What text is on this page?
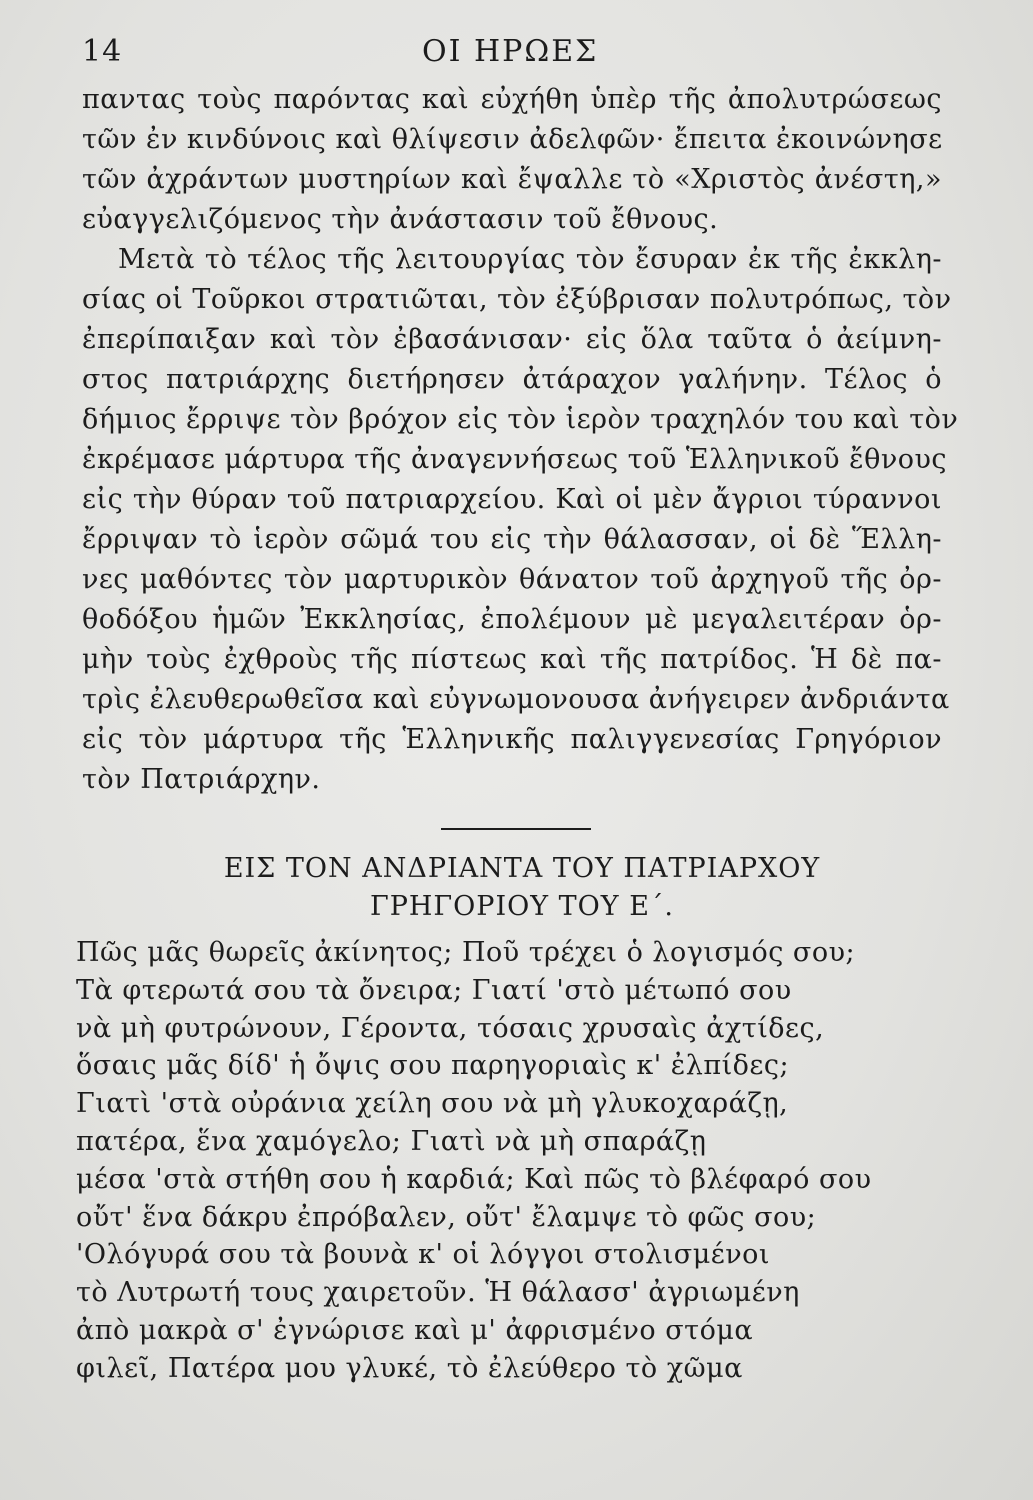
14	ΟΙ ΗΡΩΕΣ
παντας τοὺς παρόντας καὶ εὐχήθη ὑπὲρ τῆς ἀπολυτρώσεως
τῶν ἐν κινδύνοις καὶ θλίψεσιν ἀδελφῶν· ἔπειτα ἐκοινώνησε
τῶν ἀχράντων μυστηρίων καὶ ἔψαλλε τὸ «Χριστὸς ἀνέστη,»
εὐαγγελιζόμενος τὴν ἀνάστασιν τοῦ ἔθνους.
Μετὰ τὸ τέλος τῆς λειτουργίας τὸν ἔσυραν ἐκ τῆς ἐκκλη-
σίας οἱ Τοῦρκοι στρατιῶται, τὸν ἐξύβρισαν πολυτρόπως, τὸν
ἐπερίπαιξαν καὶ τὸν ἐβασάνισαν· εἰς ὅλα ταῦτα ὁ ἀείμνη-
στος πατριάρχης διετήρησεν ἀτάραχον γαλήνην. Τέλος ὁ
δήμιος ἔρριψε τὸν βρόχον εἰς τὸν ἱερὸν τραχηλόν του καὶ τὸν
ἐκρέμασε μάρτυρα τῆς ἀναγεννήσεως τοῦ Ἑλληνικοῦ ἔθνους
εἰς τὴν θύραν τοῦ πατριαρχείου. Καὶ οἱ μὲν ἄγριοι τύραννοι
ἔρριψαν τὸ ἱερὸν σῶμά του εἰς τὴν θάλασσαν, οἱ δὲ Ἕλλη-
νες μαθόντες τὸν μαρτυρικὸν θάνατον τοῦ ἀρχηγοῦ τῆς ὀρ-
θοδόξου ἡμῶν Ἐκκλησίας, ἐπολέμουν μὲ μεγαλειτέραν ὁρ-
μὴν τοὺς ἐχθροὺς τῆς πίστεως καὶ τῆς πατρίδος. Ἡ δὲ πα-
τρὶς ἐλευθερωθεῖσα καὶ εὐγνωμονουσα ἀνήγειρεν ἀνδριάντα
εἰς τὸν μάρτυρα τῆς Ἑλληνικῆς παλιγγενεσίας Γρηγόριον
τὸν Πατριάρχην.
ΕΙΣ ΤΟΝ ΑΝΔΡΙΑΝΤΑ ΤΟΥ ΠΑΤΡΙΑΡΧΟΥ
ΓΡΗΓΟΡΙΟΥ ΤΟΥ Ε΄.
Πῶς μᾶς θωρεῖς ἀκίνητος; Ποῦ τρέχει ὁ λογισμός σου;
Τὰ φτερωτά σου τὰ ὄνειρα; Γιατί 'στὸ μέτωπό σου
νὰ μὴ φυτρώνουν, Γέροντα, τόσαις χρυσαὶς ἀχτίδες,
ὅσαις μᾶς δίδ' ἡ ὄψις σου παρηγοριαὶς κ' ἐλπίδες;
Γιατὶ 'στὰ οὐράνια χείλη σου νὰ μὴ γλυκοχαράζῃ,
πατέρα, ἕνα χαμόγελο; Γιατὶ νὰ μὴ σπαράζῃ
μέσα 'στὰ στήθη σου ἡ καρδιά; Καὶ πῶς τὸ βλέφαρό σου
οὔτ' ἕνα δάκρυ ἐπρόβαλεν, οὔτ' ἔλαμψε τὸ φῶς σου;
'Ολόγυρά σου τὰ βουνὰ κ' οἱ λόγγοι στολισμένοι
τὸ Λυτρωτή τους χαιρετοῦν. Ἡ θάλασσ' ἀγριωμένη
ἀπὸ μακρὰ σ' ἐγνώρισε καὶ μ' ἀφρισμένο στόμα
φιλεῖ, Πατέρα μου γλυκέ, τὸ ἐλεύθερο τὸ χῶμα
